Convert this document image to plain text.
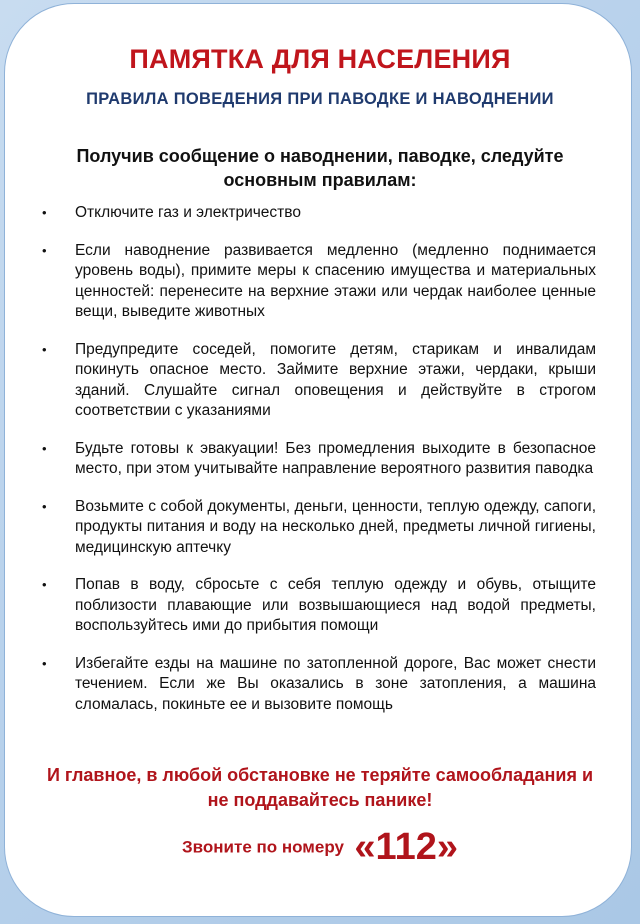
ПАМЯТКА ДЛЯ НАСЕЛЕНИЯ
ПРАВИЛА ПОВЕДЕНИЯ ПРИ ПАВОДКЕ И НАВОДНЕНИИ
Получив сообщение о наводнении, паводке, следуйте основным правилам:
• Отключите газ и электричество
• Если наводнение развивается медленно (медленно поднимается уровень воды), примите меры к спасению имущества и материальных ценностей: перенесите на верхние этажи или чердак наиболее ценные вещи, выведите животных
• Предупредите соседей, помогите детям, старикам и инвалидам покинуть опасное место. Займите верхние этажи, чердаки, крыши зданий. Слушайте сигнал оповещения и действуйте в строгом соответствии с указаниями
• Будьте готовы к эвакуации! Без промедления выходите в безопасное место, при этом учитывайте направление вероятного развития паводка
• Возьмите с собой документы, деньги, ценности, теплую одежду, сапоги, продукты питания и воду на несколько дней, предметы личной гигиены, медицинскую аптечку
• Попав в воду, сбросьте с себя теплую одежду и обувь, отыщите поблизости плавающие или возвышающиеся над водой предметы, воспользуйтесь ими до прибытия помощи
• Избегайте езды на машине по затопленной дороге, Вас может снести течением. Если же Вы оказались в зоне затопления, а машина сломалась, покиньте ее и вызовите помощь
И главное, в любой обстановке не теряйте самообладания и не поддавайтесь панике!
Звоните по номеру «112»
